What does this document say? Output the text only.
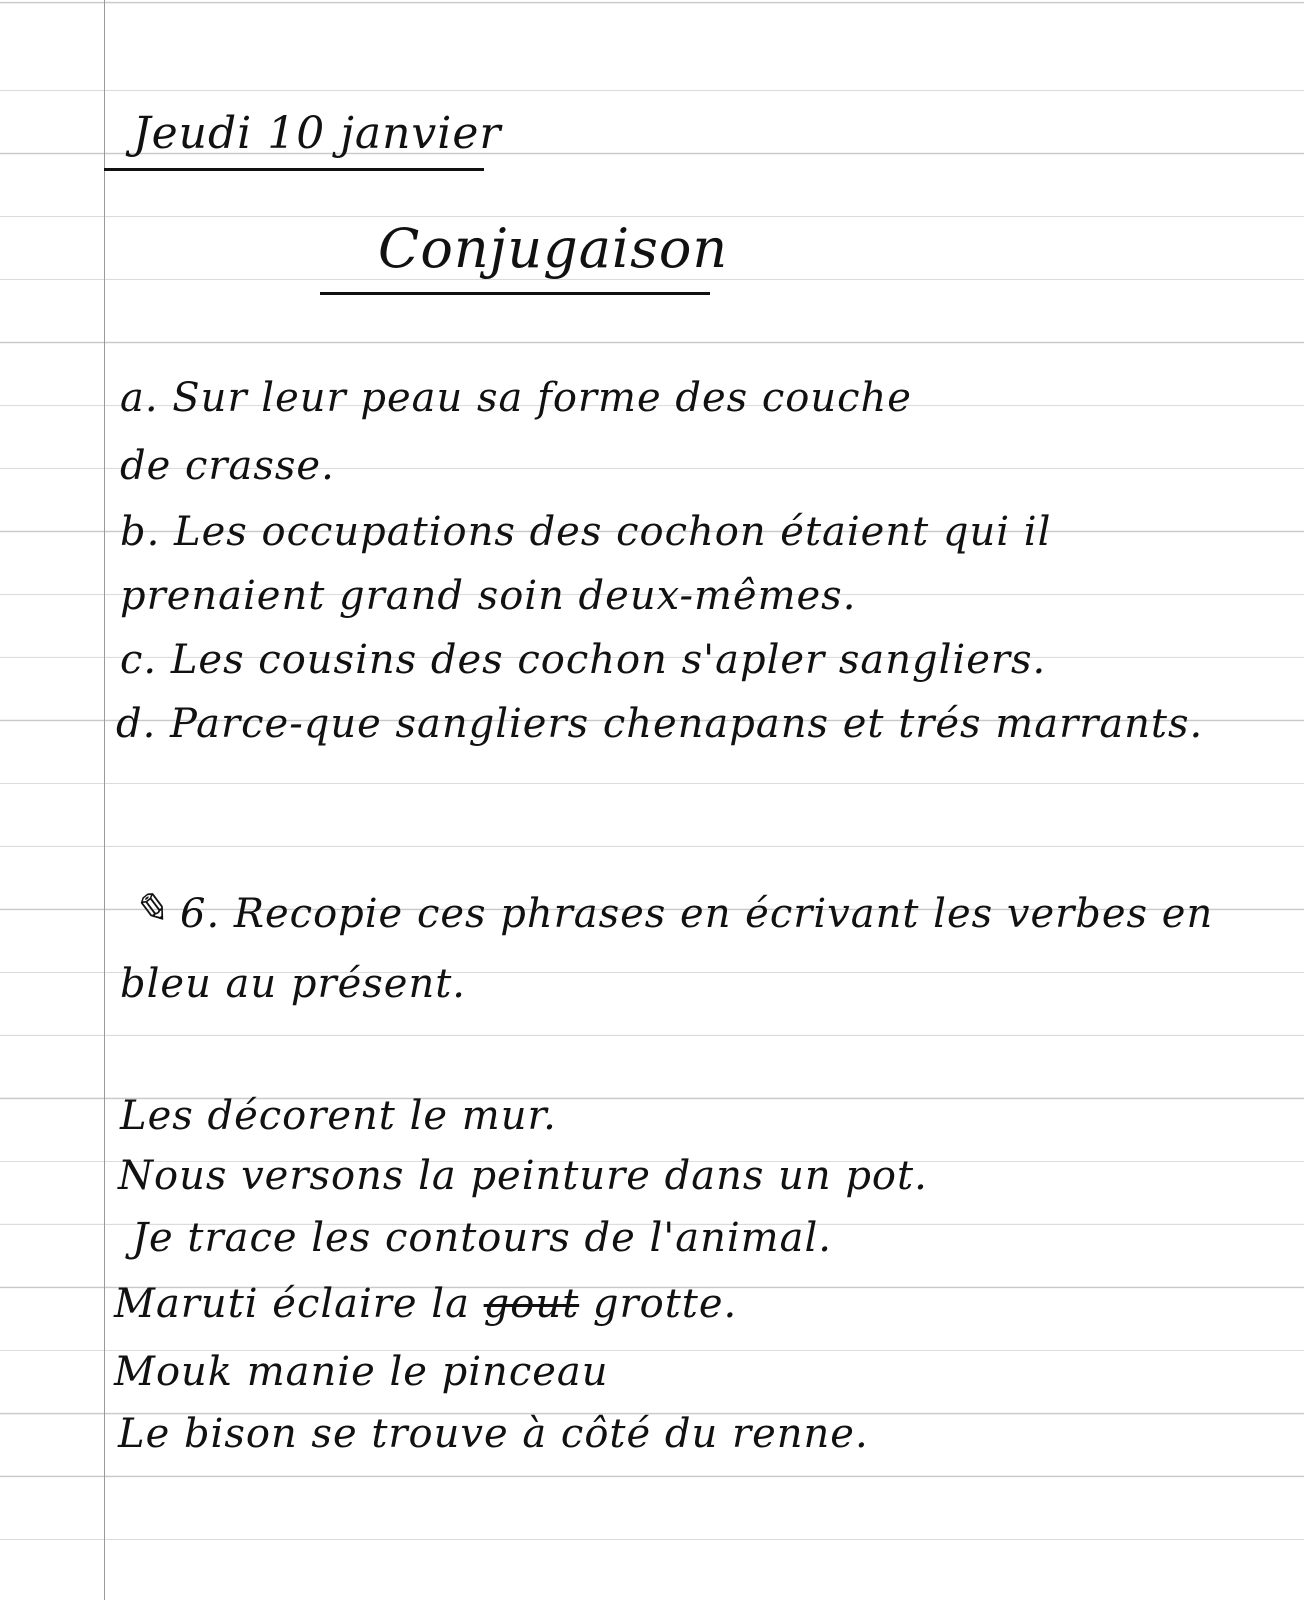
Jeudi 10 janvier

Conjugaison

a. Sur leur peau sa forme des couche

de crasse.

b. Les occupations des cochon étaient qui il

prenaient grand soin deux-mêmes.

c. Les cousins des cochon s'apler sangliers.

d. Parce-que sangliers chenapans et trés marrants.

✎ 6. Recopie ces phrases en écrivant les verbes en

bleu au présent.

Les décorent le mur.

Nous versons la peinture dans un pot.

Je trace les contours de l'animal.

Maruti éclaire la gout grotte.

Mouk manie le pinceau

Le bison se trouve à côté du renne.
